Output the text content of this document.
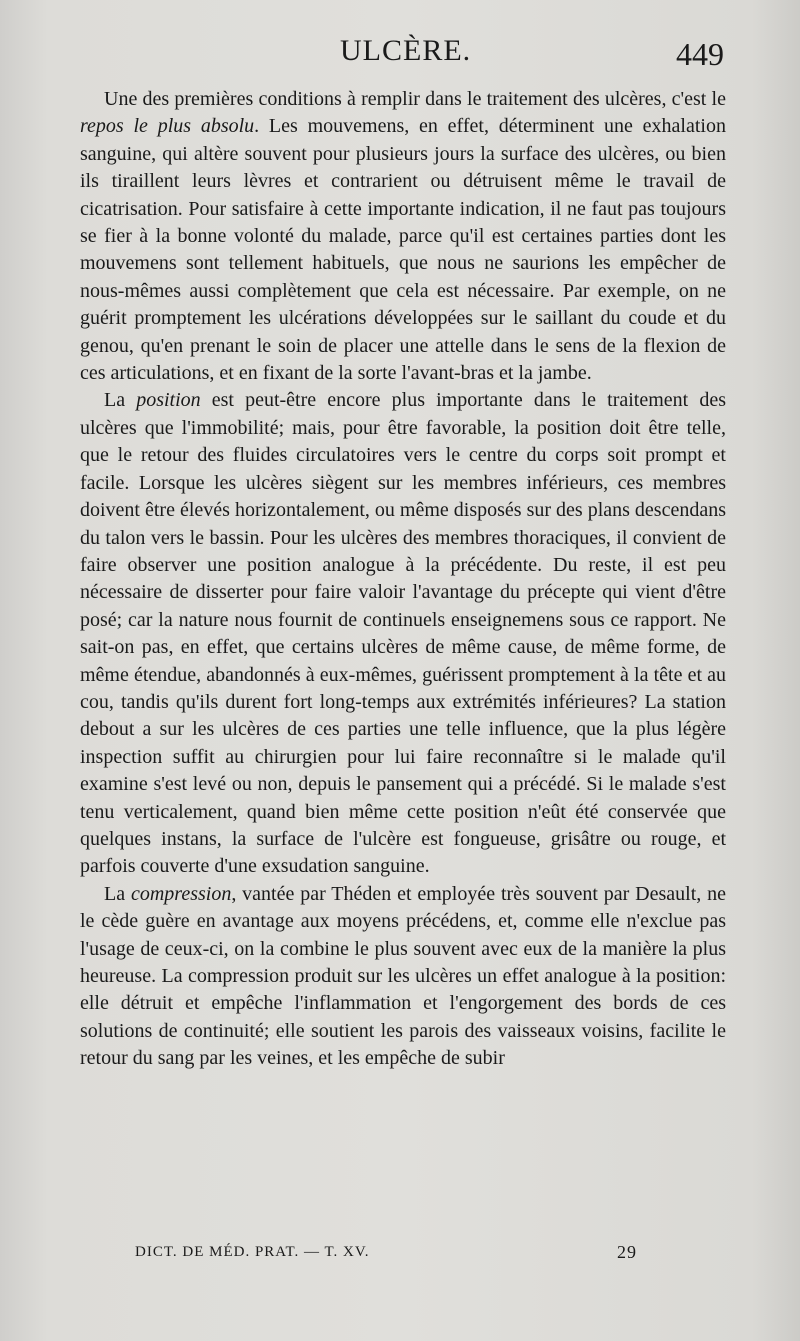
ULCÈRE.	449

Une des premières conditions à remplir dans le traitement des ulcères, c'est le repos le plus absolu. Les mouvemens, en effet, déterminent une exhalation sanguine, qui altère souvent pour plusieurs jours la surface des ulcères, ou bien ils tiraillent leurs lèvres et contrarient ou détruisent même le travail de cicatrisation. Pour satisfaire à cette importante indication, il ne faut pas toujours se fier à la bonne volonté du malade, parce qu'il est certaines parties dont les mouvemens sont tellement habituels, que nous ne saurions les empêcher de nous-mêmes aussi complètement que cela est nécessaire. Par exemple, on ne guérit promptement les ulcérations développées sur le saillant du coude et du genou, qu'en prenant le soin de placer une attelle dans le sens de la flexion de ces articulations, et en fixant de la sorte l'avant-bras et la jambe.

La position est peut-être encore plus importante dans le traitement des ulcères que l'immobilité; mais, pour être favorable, la position doit être telle, que le retour des fluides circulatoires vers le centre du corps soit prompt et facile. Lorsque les ulcères siègent sur les membres inférieurs, ces membres doivent être élevés horizontalement, ou même disposés sur des plans descendans du talon vers le bassin. Pour les ulcères des membres thoraciques, il convient de faire observer une position analogue à la précédente. Du reste, il est peu nécessaire de disserter pour faire valoir l'avantage du précepte qui vient d'être posé; car la nature nous fournit de continuels enseignemens sous ce rapport. Ne sait-on pas, en effet, que certains ulcères de même cause, de même forme, de même étendue, abandonnés à eux-mêmes, guérissent promptement à la tête et au cou, tandis qu'ils durent fort long-temps aux extrémités inférieures? La station debout a sur les ulcères de ces parties une telle influence, que la plus légère inspection suffit au chirurgien pour lui faire reconnaître si le malade qu'il examine s'est levé ou non, depuis le pansement qui a précédé. Si le malade s'est tenu verticalement, quand bien même cette position n'eût été conservée que quelques instans, la surface de l'ulcère est fongueuse, grisâtre ou rouge, et parfois couverte d'une exsudation sanguine.

La compression, vantée par Théden et employée très souvent par Desault, ne le cède guère en avantage aux moyens précédens, et, comme elle n'exclue pas l'usage de ceux-ci, on la combine le plus souvent avec eux de la manière la plus heureuse. La compression produit sur les ulcères un effet analogue à la position: elle détruit et empêche l'inflammation et l'engorgement des bords de ces solutions de continuité; elle soutient les parois des vaisseaux voisins, facilite le retour du sang par les veines, et les empêche de subir

DICT. DE MÉD. PRAT. — T. XV.	29
